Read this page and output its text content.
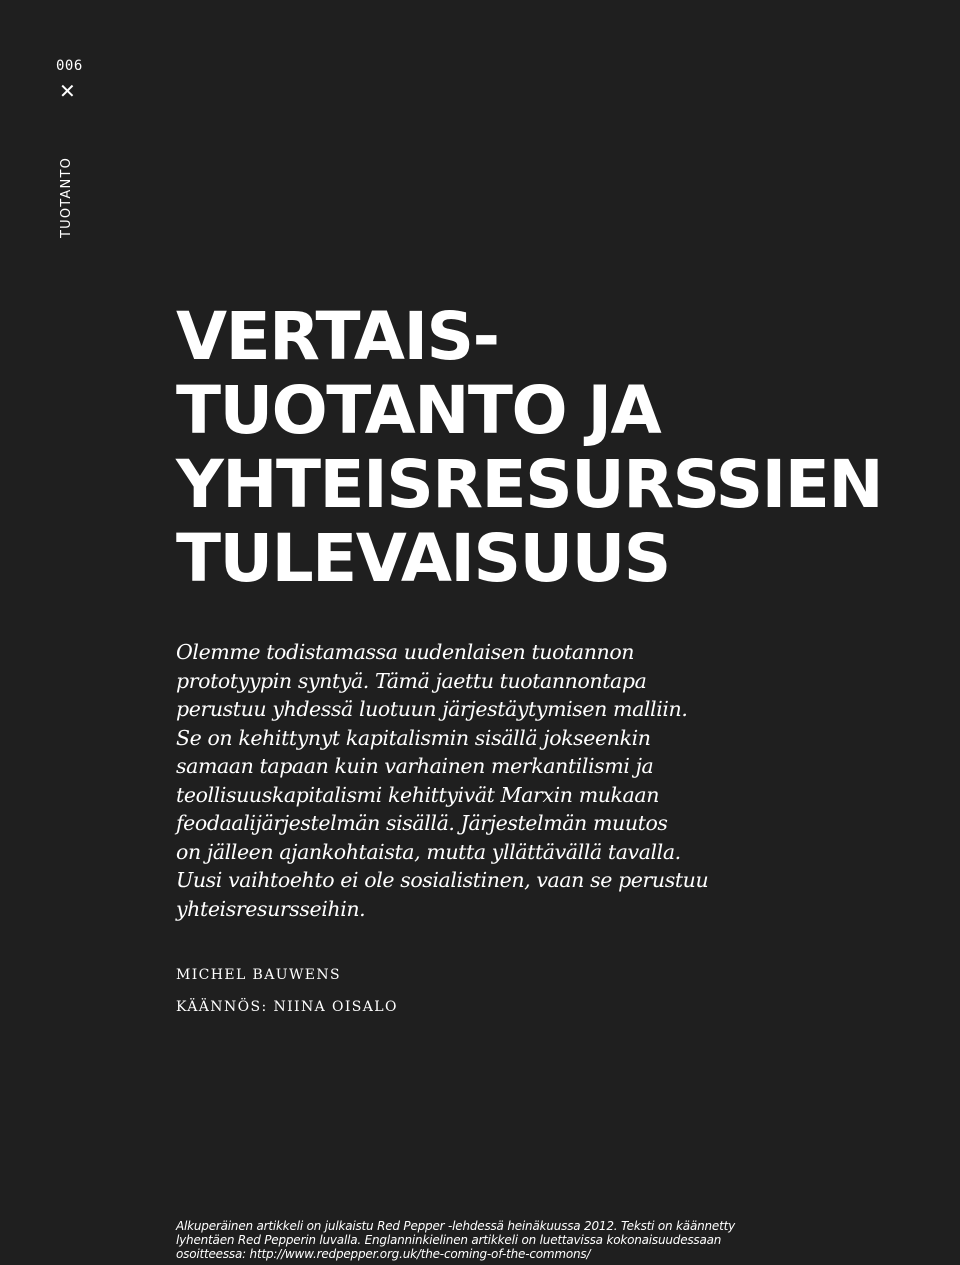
006
✕
TUOTANTO
VERTAIS-
TUOTANTO JA
YHTEISRESURSSIEN
TULEVAISUUS

Olemme todistamassa uudenlaisen tuotannon
prototyypin syntyä. Tämä jaettu tuotannontapa
perustuu yhdessä luotuun järjestäytymisen malliin.
Se on kehittynyt kapitalismin sisällä jokseenkin
samaan tapaan kuin varhainen merkantilismi ja
teollisuuskapitalismi kehittyivät Marxin mukaan
feodaalijärjestelmän sisällä. Järjestelmän muutos
on jälleen ajankohtaista, mutta yllättävällä tavalla.
Uusi vaihtoehto ei ole sosialistinen, vaan se perustuu
yhteisresursseihin.

MICHEL BAUWENS
KÄÄNNÖS: NIINA OISALO

Alkuperäinen artikkeli on julkaistu Red Pepper -lehdessä heinäkuussa 2012. Teksti on käännetty
lyhentäen Red Pepperin luvalla. Englanninkielinen artikkeli on luettavissa kokonaisuudessaan
osoitteessa: http://www.redpepper.org.uk/the-coming-of-the-commons/
